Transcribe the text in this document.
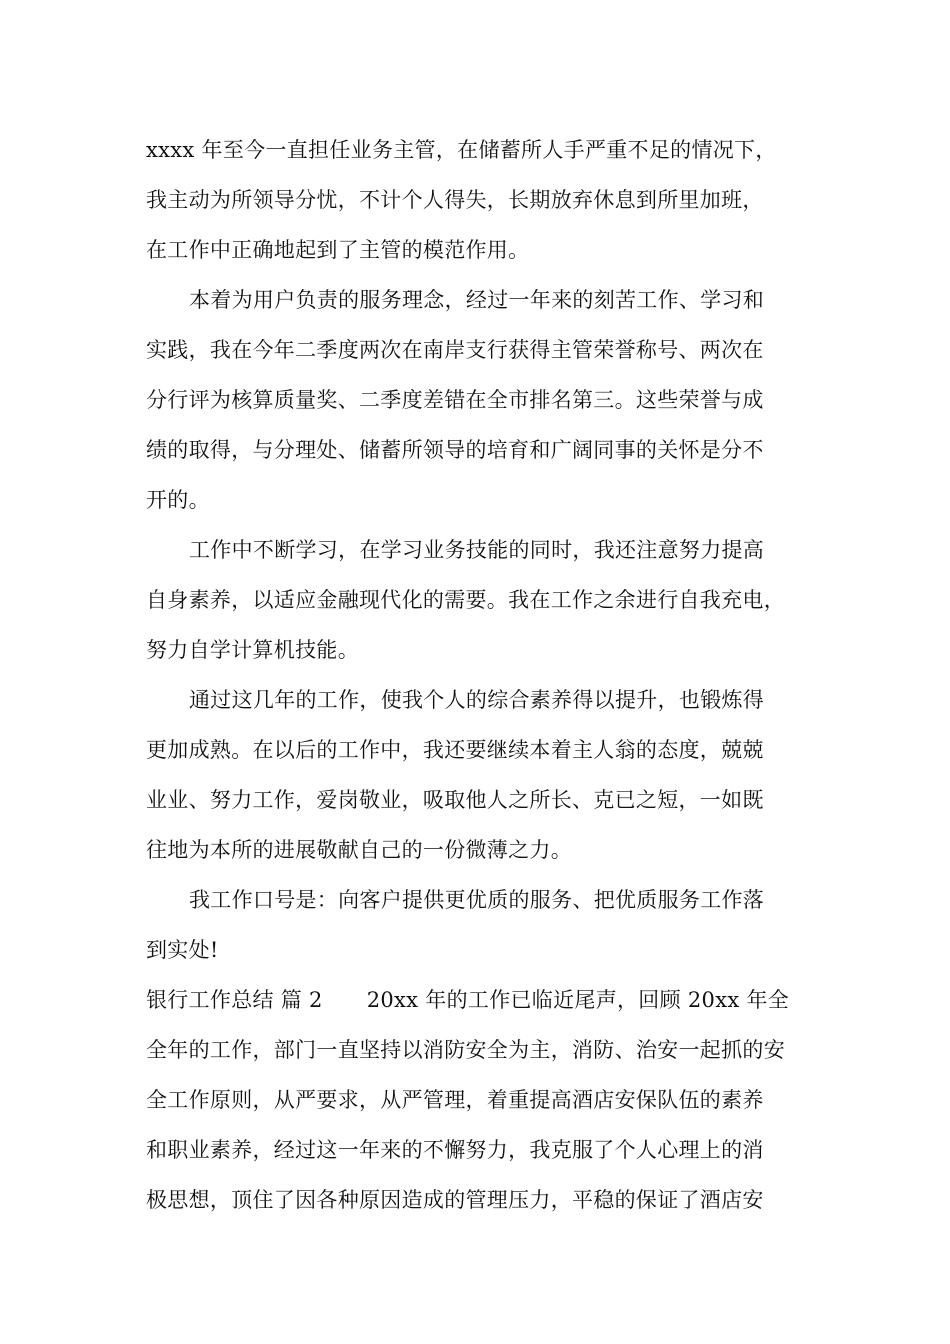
xxxx 年至今一直担任业务主管，在储蓄所人手严重不足的情况下，
我主动为所领导分忧，不计个人得失，长期放弃休息到所里加班，
在工作中正确地起到了主管的模范作用。
本着为用户负责的服务理念，经过一年来的刻苦工作、学习和
实践，我在今年二季度两次在南岸支行获得主管荣誉称号、两次在
分行评为核算质量奖、二季度差错在全市排名第三。这些荣誉与成
绩的取得，与分理处、储蓄所领导的培育和广阔同事的关怀是分不
开的。
工作中不断学习，在学习业务技能的同时，我还注意努力提高
自身素养，以适应金融现代化的需要。我在工作之余进行自我充电，
努力自学计算机技能。
通过这几年的工作，使我个人的综合素养得以提升，也锻炼得
更加成熟。在以后的工作中，我还要继续本着主人翁的态度，兢兢
业业、努力工作，爱岗敬业，吸取他人之所长、克已之短，一如既
往地为本所的进展敬献自己的一份微薄之力。
我工作口号是：向客户提供更优质的服务、把优质服务工作落
到实处!
银行工作总结 篇 2 20xx 年的工作已临近尾声，回顾 20xx 年全
全年的工作，部门一直坚持以消防安全为主，消防、治安一起抓的安
全工作原则，从严要求，从严管理，着重提高酒店安保队伍的素养
和职业素养，经过这一年来的不懈努力，我克服了个人心理上的消
极思想，顶住了因各种原因造成的管理压力，平稳的保证了酒店安
